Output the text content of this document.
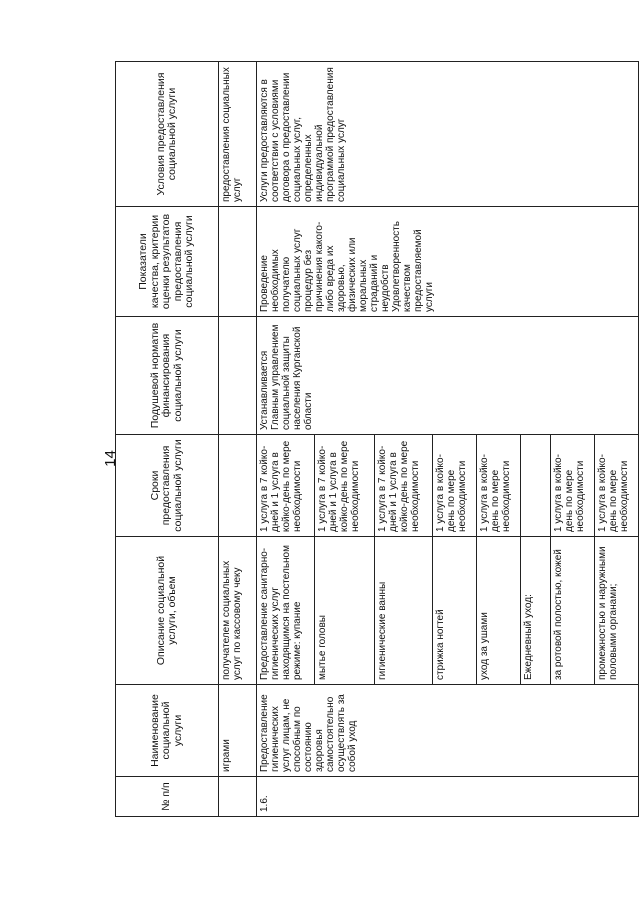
14
№ п/п	Наименование социальной услуги	Описание социальной услуги, объем	Сроки предоставления социальной услуги	Подушевой норматив финансирования социальной услуги	Показатели качества, критерии оценки результатов предоставления социальной услуги	Условия предоставления социальной услуги
	играми	получателем социальных услуг по кассовому чеку				предоставления социальных услуг
1.6.	Предоставление гигиенических услуг лицам, не способным по состоянию здоровья самостоятельно осуществлять за собой уход	Предоставление санитарно-гигиенических услуг находящимся на постельном режиме: купание	1 услуга в 7 койко-дней и 1 услуга в койко-день по мере необходимости	Устанавливается Главным управлением социальной защиты населения Курганской области	Проведение необходимых получателю социальных услуг процедур без причинения какого-либо вреда их здоровью, физических или моральных страданий и неудобств Удовлетворенность качеством предоставляемой услуги	Услуги предоставляются в соответствии с условиями договора о предоставлении социальных услуг, определенных индивидуальной программой предоставления социальных услуг
		мытье головы	1 услуга в 7 койко-дней и 1 услуга в койко-день по мере необходимости			
		гигиенические ванны	1 услуга в 7 койко-дней и 1 услуга в койко-день по мере необходимости			
		стрижка ногтей	1 услуга в койко-день по мере необходимости			
		уход за ушами	1 услуга в койко-день по мере необходимости			
		Ежедневный уход:				
		за ротовой полостью, кожей	1 услуга в койко-день по мере необходимости			
		промежностью и наружными половыми органами;	1 услуга в койко-день по мере необходимости			
